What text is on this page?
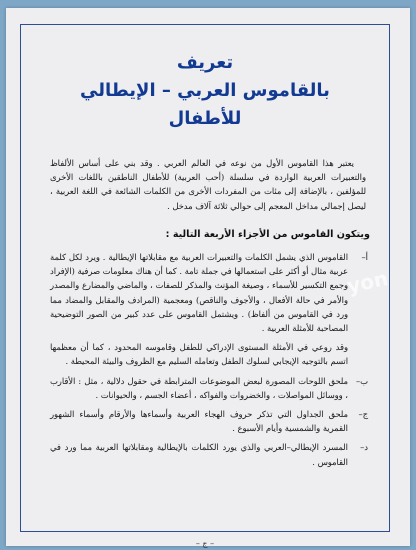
تعريف
بالقاموس العربي – الإيطالي
للأطفال

يعتبر هذا القاموس الأول من نوعه في العالم العربي . وقد بني على أساس الألفاظ والتعبيرات العربية الواردة في سلسلة (أحب العربية) للأطفال الناطقين باللغات الأخرى للمؤلفين ، بالإضافة إلى مئات من المفردات الأخرى من الكلمات الشائعة في اللغة العربية ، ليصل إجمالي مداخل المعجم إلى حوالي ثلاثة آلاف مدخل .

ويتكون القاموس من الأجزاء الأربعة التالية :
أ–

القاموس الذي يشمل الكلمات والتعبيرات العربية مع مقابلاتها الإيطالية . ويرد لكل كلمة عربية مثال أو أكثر على استعمالها في جملة تامة . كما أن هناك معلومات صرفية (الإفراد وجمع التكسير للأسماء ، وصيغة المؤنث والمذكر للصفات ، والماضي والمضارع والمصدر والأمر في حالة الأفعال ، والأجوف والناقص) ومعجمية (المرادف والمقابل والمضاد مما ورد في القاموس من ألفاظ) . ويشتمل القاموس على عدد كبير من الصور التوضيحية المصاحبة للأمثلة العربية .

وقد روعي في الأمثلة المستوى الإدراكي للطفل وقاموسه المحدود ، كما أن معظمها اتسم بالتوجيه الإيجابي لسلوك الطفل وتعامله السليم مع الظروف والبيئة المحيطة .

ب–

ملحق اللوحات المصورة لبعض الموضوعات المترابطة في حقول دلالية ، مثل : الأقارب ، ووسائل المواصلات ، والخضروات والفواكه ، أعضاء الجسم ، والحيوانات .

ج–

ملحق الجداول التي تذكر حروف الهجاء العربية وأسماءها والأرقام وأسماء الشهور القمرية والشمسية وأيام الأسبوع .

د–

المسرد الإيطالي–العربي والذي يورد الكلمات بالإيطالية ومقابلاتها العربية مما ورد في القاموس .

yon
– ج –
